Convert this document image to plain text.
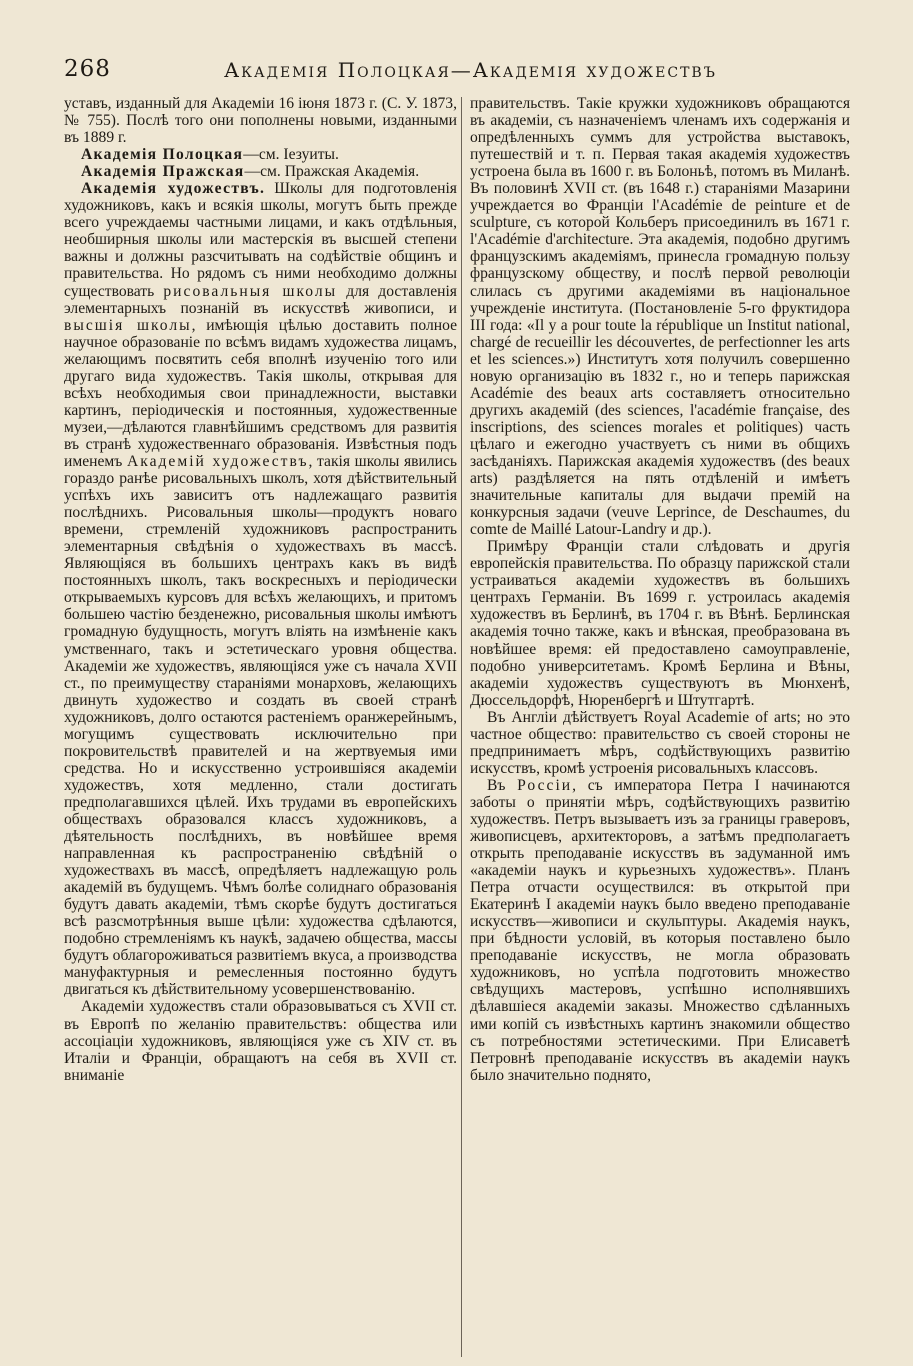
268	Академія Полоцкая—Академія художествъ

уставъ, изданный для Академіи 16 іюня 1873 г. (С. У. 1873, № 755). Послѣ того они пополнены новыми, изданными въ 1889 г.

Академія Полоцкая—см. Iезуиты.

Академія Пражская—см. Пражская Академія.

Академія художествъ. Школы для подготовленія художниковъ, какъ и всякія школы, могутъ быть прежде всего учреждаемы частными лицами, и какъ отдѣльныя, необширныя школы или мастерскія въ высшей степени важны и должны разсчитывать на содѣйствіе общинъ и правительства. Но рядомъ съ ними необходимо должны существовать рисовальныя школы для доставленія элементарныхъ познаній въ искусствѣ живописи, и высшія школы, имѣющія цѣлью доставить полное научное образованіе по всѣмъ видамъ художества лицамъ, желающимъ посвятить себя вполнѣ изученію того или другаго вида художествъ. Такія школы, открывая для всѣхъ необходимыя свои принадлежности, выставки картинъ, періодическія и постоянныя, художественные музеи,—дѣлаются главнѣйшимъ средствомъ для развитія въ странѣ художественнаго образованія. Извѣстныя подъ именемъ Академій художествъ, такія школы явились гораздо ранѣе рисовальныхъ школъ, хотя дѣйствительный успѣхъ ихъ зависитъ отъ надлежащаго развитія послѣднихъ. Рисовальныя школы—продуктъ новаго времени, стремленій художниковъ распространить элементарныя свѣдѣнія о художествахъ въ массѣ. Являющіяся въ большихъ центрахъ какъ въ видѣ постоянныхъ школъ, такъ воскресныхъ и періодически открываемыхъ курсовъ для всѣхъ желающихъ, и притомъ большею частію безденежно, рисовальныя школы имѣютъ громадную будущность, могутъ вліять на измѣненіе какъ умственнаго, такъ и эстетическаго уровня общества. Академіи же художествъ, являющіяся уже съ начала XVII ст., по преимуществу стараніями монарховъ, желающихъ двинуть художество и создать въ своей странѣ художниковъ, долго остаются растеніемъ оранжерейнымъ, могущимъ существовать исключительно при покровительствѣ правителей и на жертвуемыя ими средства. Но и искусственно устроившіяся академіи художествъ, хотя медленно, стали достигать предполагавшихся цѣлей. Ихъ трудами въ европейскихъ обществахъ образовался классъ художниковъ, а дѣятельность послѣднихъ, въ новѣйшее время направленная къ распространенію свѣдѣній о художествахъ въ массѣ, опредѣляетъ надлежащую роль академій въ будущемъ. Чѣмъ болѣе солиднаго образованія будутъ давать академіи, тѣмъ скорѣе будутъ достигаться всѣ разсмотрѣнныя выше цѣли: художества сдѣлаются, подобно стремленіямъ къ наукѣ, задачею общества, массы будутъ облагороживаться развитіемъ вкуса, а производства мануфактурныя и ремесленныя постоянно будутъ двигаться къ дѣйствительному усовершенствованію.

Академіи художествъ стали образовываться съ XVII ст. въ Европѣ по желанію правительствъ: общества или ассоціаціи художниковъ, являющіяся уже съ XIV ст. въ Италіи и Франціи, обращаютъ на себя въ XVII ст. вниманіе

правительствъ. Такіе кружки художниковъ обращаются въ академіи, съ назначеніемъ членамъ ихъ содержанія и опредѣленныхъ суммъ для устройства выставокъ, путешествій и т. п. Первая такая академія художествъ устроена была въ 1600 г. въ Болоньѣ, потомъ въ Миланѣ. Въ половинѣ XVII ст. (въ 1648 г.) стараніями Мазарини учреждается во Франціи l'Académie de peinture et de sculpture, съ которой Кольберъ присоединилъ въ 1671 г. l'Académie d'architecture. Эта академія, подобно другимъ французскимъ академіямъ, принесла громадную пользу французскому обществу, и послѣ первой революціи слилась съ другими академіями въ національное учрежденіе института. (Постановленіе 5-го фруктидора III года: «Il y a pour toute la république un Institut national, chargé de recueillir les découvertes, de perfectionner les arts et les sciences.») Институтъ хотя получилъ совершенно новую организацію въ 1832 г., но и теперь парижская Académie des beaux arts составляетъ относительно другихъ академій (des sciences, l'académie française, des inscriptions, des sciences morales et politiques) часть цѣлаго и ежегодно участвуетъ съ ними въ общихъ засѣданіяхъ. Парижская академія художествъ (des beaux arts) раздѣляется на пять отдѣленій и имѣетъ значительные капиталы для выдачи премій на конкурсныя задачи (veuve Leprince, de Deschaumes, du comte de Maillé Latour-Landry и др.).

Примѣру Франціи стали слѣдовать и другія европейскія правительства. По образцу парижской стали устраиваться академіи художествъ въ большихъ центрахъ Германіи. Въ 1699 г. устроилась академія художествъ въ Берлинѣ, въ 1704 г. въ Вѣнѣ. Берлинская академія точно также, какъ и вѣнская, преобразована въ новѣйшее время: ей предоставлено самоуправленіе, подобно университетамъ. Кромѣ Берлина и Вѣны, академіи художествъ существуютъ въ Мюнхенѣ, Дюссельдорфѣ, Нюренбергѣ и Штутгартѣ.

Въ Англіи дѣйствуетъ Royal Academie of arts; но это частное общество: правительство съ своей стороны не предпринимаетъ мѣръ, содѣйствующихъ развитію искусствъ, кромѣ устроенія рисовальныхъ классовъ.

Въ Россіи, съ императора Петра I начинаются заботы о принятіи мѣръ, содѣйствующихъ развитію художествъ. Петръ вызываетъ изъ за границы граверовъ, живописцевъ, архитекторовъ, а затѣмъ предполагаетъ открыть преподаваніе искусствъ въ задуманной имъ «академіи наукъ и курьезныхъ художествъ». Планъ Петра отчасти осуществился: въ открытой при Екатеринѣ I академіи наукъ было введено преподаваніе искусствъ—живописи и скульптуры. Академія наукъ, при бѣдности условій, въ которыя поставлено было преподаваніе искусствъ, не могла образовать художниковъ, но успѣла подготовить множество свѣдущихъ мастеровъ, успѣшно исполнявшихъ дѣлавшіеся академіи заказы. Множество сдѣланныхъ ими копій съ извѣстныхъ картинъ знакомили общество съ потребностями эстетическими. При Елисаветѣ Петровнѣ преподаваніе искусствъ въ академіи наукъ было значительно поднято,
